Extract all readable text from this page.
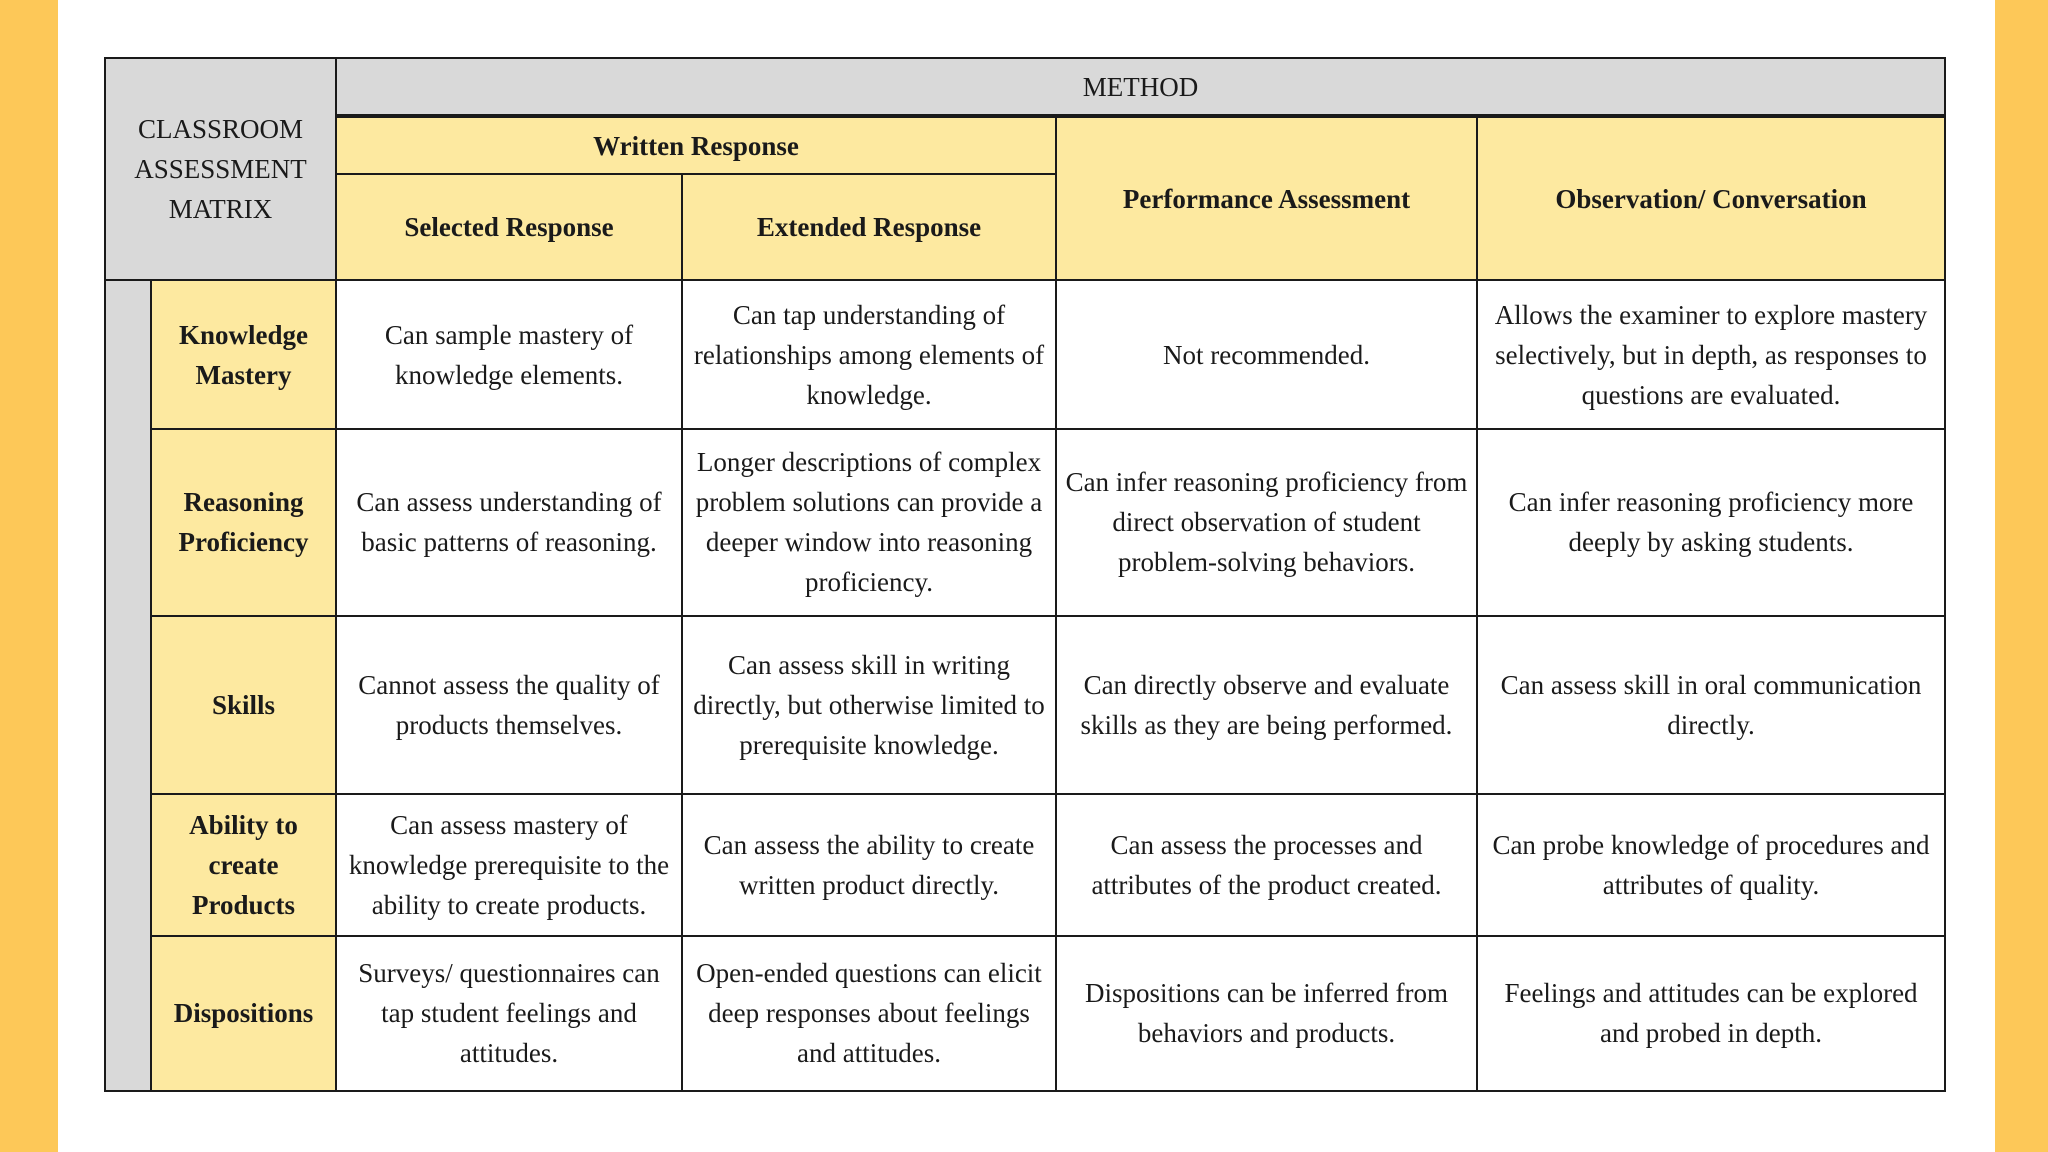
CLASSROOM ASSESSMENT MATRIX		METHOD			
		Written Response		Performance Assessment	Observation/ Conversation
		Selected Response	Extended Response		
	Knowledge Mastery	Can sample mastery of knowledge elements.	Can tap understanding of relationships among elements of knowledge.	Not recommended.	Allows the examiner to explore mastery selectively, but in depth, as responses to questions are evaluated.
	Reasoning Proficiency	Can assess understanding of basic patterns of reasoning.	Longer descriptions of complex problem solutions can provide a deeper window into reasoning proficiency.	Can infer reasoning proficiency from direct observation of student problem-solving behaviors.	Can infer reasoning proficiency more deeply by asking students.
	Skills	Cannot assess the quality of products themselves.	Can assess skill in writing directly, but otherwise limited to prerequisite knowledge.	Can directly observe and evaluate skills as they are being performed.	Can assess skill in oral communication directly.
	Ability to create Products	Can assess mastery of knowledge prerequisite to the ability to create products.	Can assess the ability to create written product directly.	Can assess the processes and attributes of the product created.	Can probe knowledge of procedures and attributes of quality.
	Dispositions	Surveys/ questionnaires can tap student feelings and attitudes.	Open-ended questions can elicit deep responses about feelings and attitudes.	Dispositions can be inferred from behaviors and products.	Feelings and attitudes can be explored and probed in depth.
